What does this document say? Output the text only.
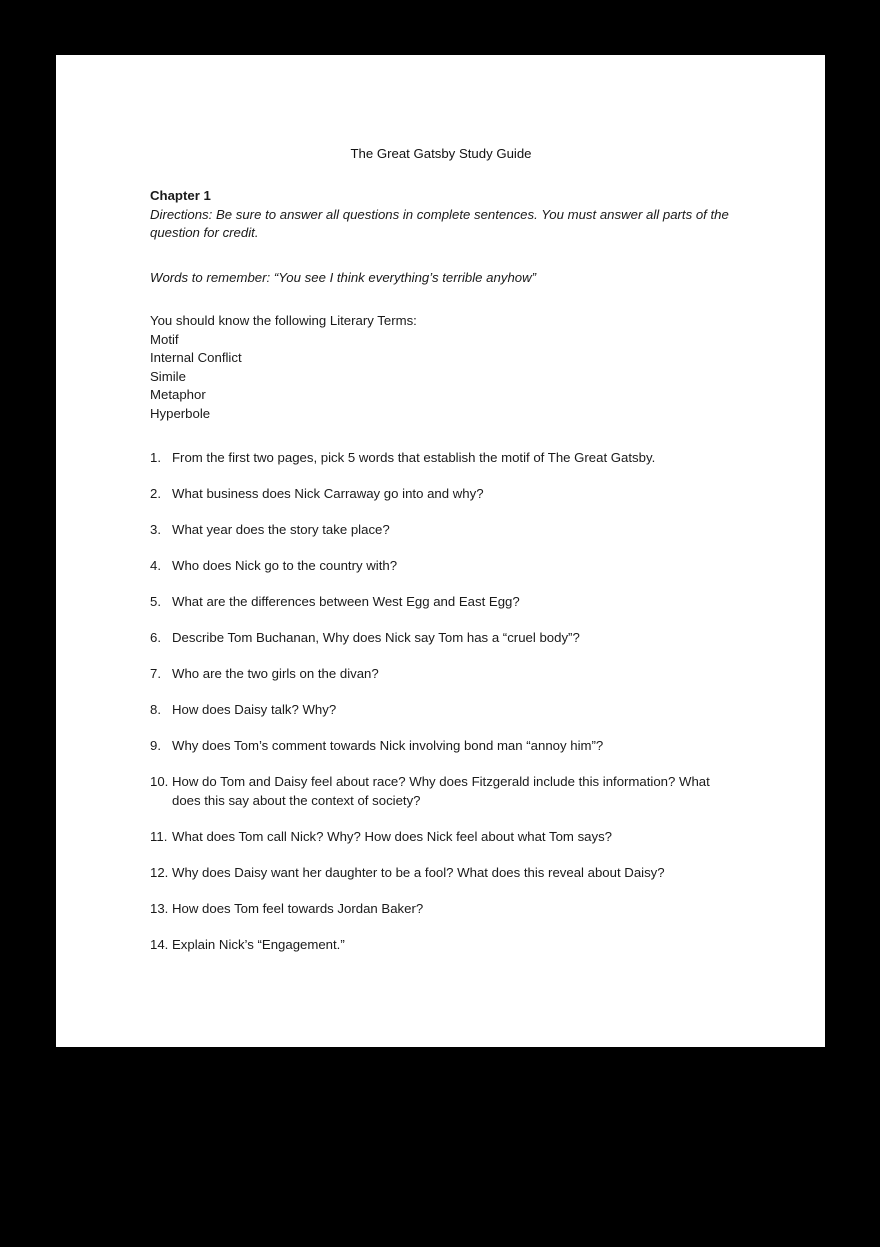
The Great Gatsby Study Guide
Chapter 1
Directions: Be sure to answer all questions in complete sentences. You must answer all parts of the question for credit.
Words to remember: “You see I think everything’s terrible anyhow”
You should know the following Literary Terms:
Motif
Internal Conflict
Simile
Metaphor
Hyperbole
1. From the first two pages, pick 5 words that establish the motif of The Great Gatsby.
2. What business does Nick Carraway go into and why?
3. What year does the story take place?
4. Who does Nick go to the country with?
5. What are the differences between West Egg and East Egg?
6. Describe Tom Buchanan, Why does Nick say Tom has a “cruel body”?
7. Who are the two girls on the divan?
8. How does Daisy talk? Why?
9. Why does Tom’s comment towards Nick involving bond man “annoy him”?
10. How do Tom and Daisy feel about race? Why does Fitzgerald include this information? What does this say about the context of society?
11. What does Tom call Nick? Why? How does Nick feel about what Tom says?
12. Why does Daisy want her daughter to be a fool? What does this reveal about Daisy?
13. How does Tom feel towards Jordan Baker?
14. Explain Nick’s “Engagement.”
